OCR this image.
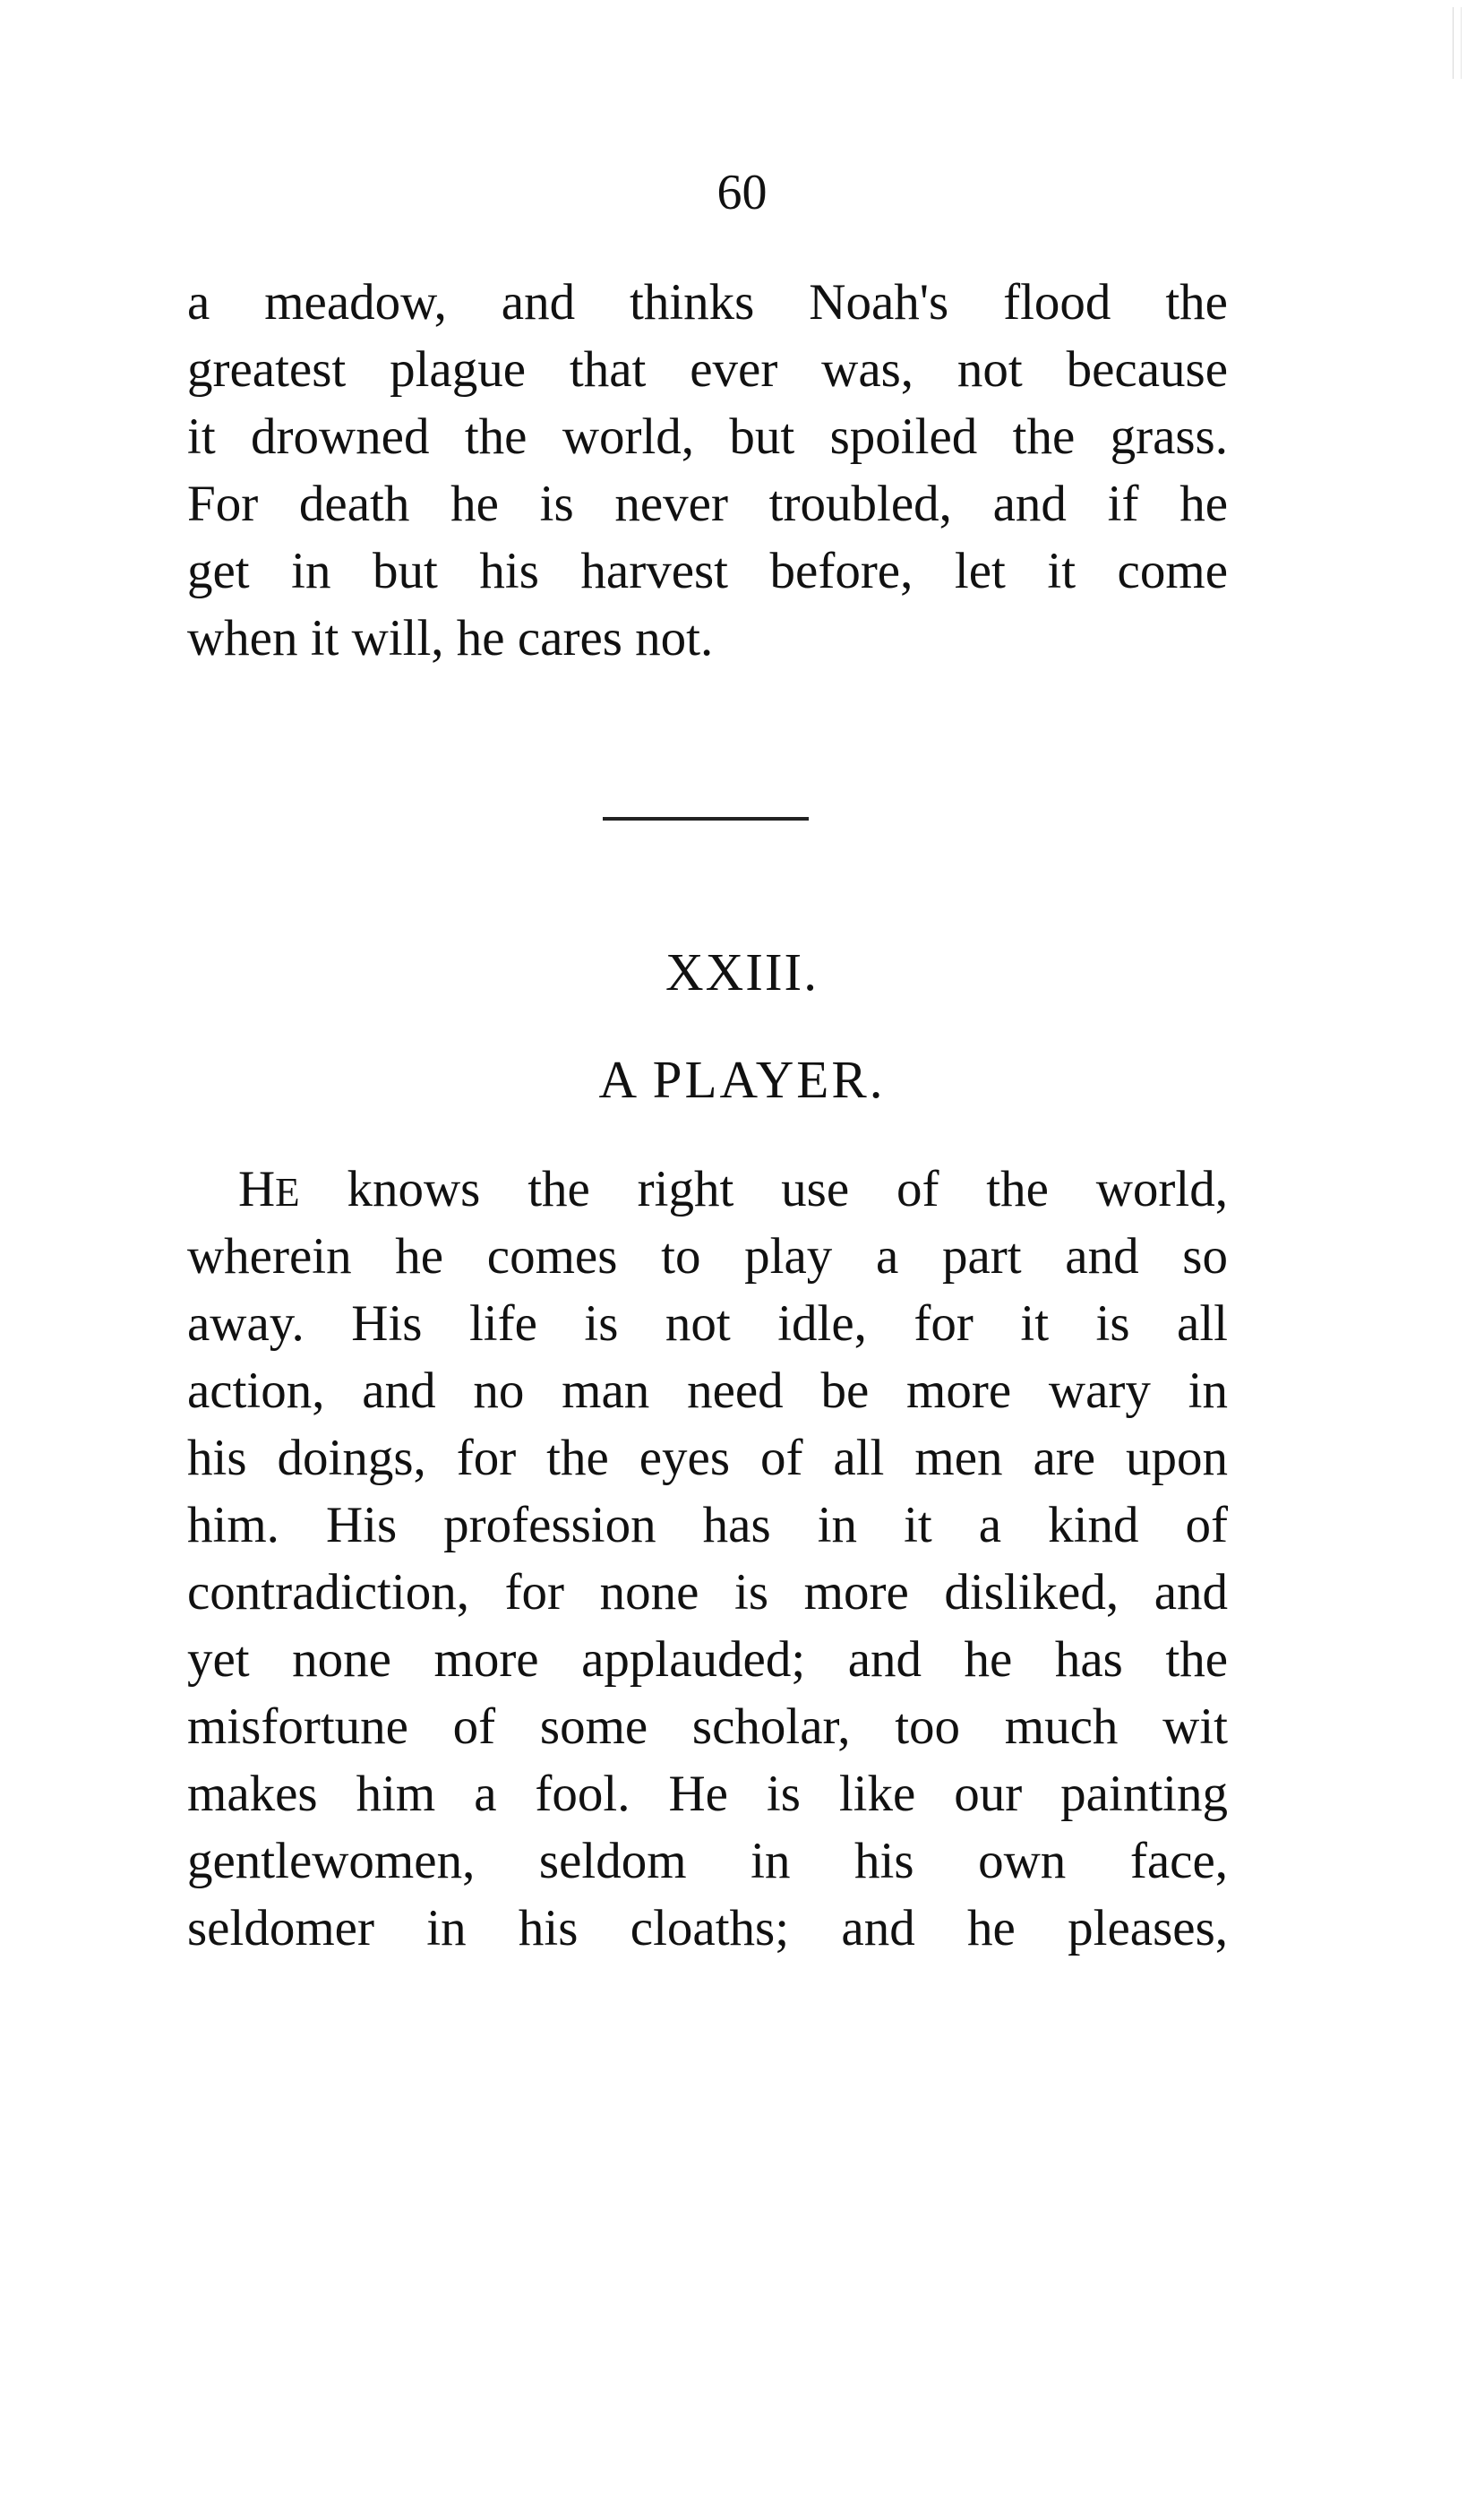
60
a meadow, and thinks Noah's flood the
greatest plague that ever was, not because
it drowned the world, but spoiled the grass.
For death he is never troubled, and if he
get in but his harvest before, let it come
when it will, he cares not.
XXIII.
A PLAYER.
HE knows the right use of the world,
wherein he comes to play a part and so
away. His life is not idle, for it is all
action, and no man need be more wary in
his doings, for the eyes of all men are upon
him. His profession has in it a kind of
contradiction, for none is more disliked, and
yet none more applauded; and he has the
misfortune of some scholar, too much wit
makes him a fool. He is like our painting
gentlewomen, seldom in his own face,
seldomer in his cloaths; and he pleases,
